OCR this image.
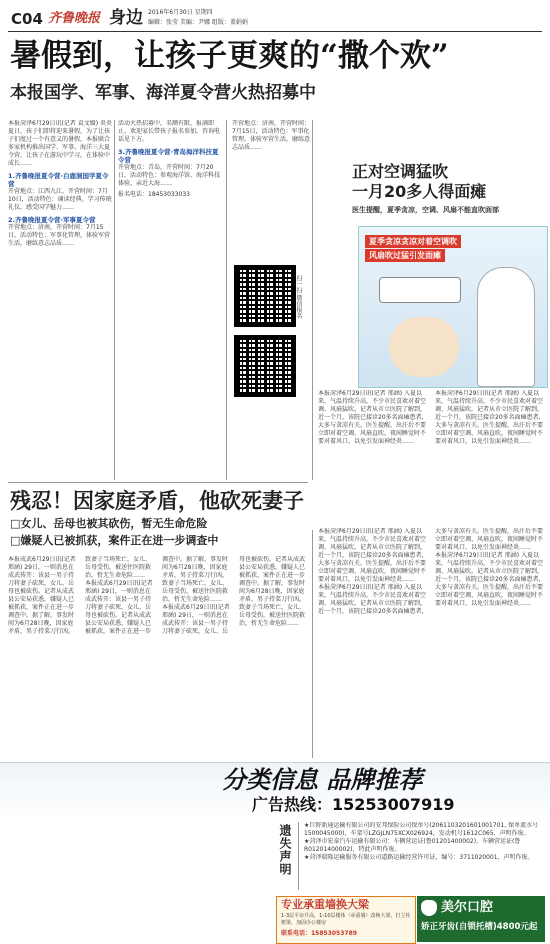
C04 齐鲁晚报 身边 2016年6月30日 星期四
编辑：张莹 美编：尹娜 组版：盖娟娟
暑假到，让孩子更爽的“撒个欢”
本报国学、军事、海洋夏令营火热招募中

本报菏泽6月29日讯(记者 袁文媛) 炎炎夏日，孩子们即将迎来暑假，为了让孩子们度过一个有意义的暑假，本报联合多家机构推出国学、军事、海洋三大夏令营，让孩子在游玩中学习，在体验中成长……

1.齐鲁晚报夏令营·白鹿洞国学夏令营

开营地点：江西九江，开营时间：7月10日，活动特色：诵读经典、学习传统礼仪，感受国学魅力……

2.齐鲁晚报夏令营·军事夏令营

开营地点：济南，开营时间：7月15日，活动特色：军事化管理，体验军营生活，磨练意志品质……

活动火热招募中，名额有限，报满即止。欢迎家长带孩子报名参加，咨询电话见下方。

3.齐鲁晚报夏令营·青岛海洋科技夏令营

开营地点：青岛，开营时间：7月20日，活动特色：参观海洋馆、海洋科技体验，亲近大海……

报名电话：18453033033

扫一扫 微信报名

开营地点：济南，开营时间：7月15日，活动特色：军事化管理，体验军营生活，磨练意志品质……

正对空调猛吹
一月20多人得面瘫
医生提醒，夏季贪凉，空调、风扇不能直吹面部
夏季贪凉贪凉对着空调吹
风扇吹过猛引发面瘫

本报菏泽6月29日讯(记者 邢涵) 入夏以来，气温持续升高，不少市民喜欢对着空调、风扇猛吹。记者从市立医院了解到，近一个月，该院已接诊20多名面瘫患者，大多与贪凉有关。医生提醒，出汗后不要立即对着空调、风扇直吹，夜间睡觉时不要对着风口，以免引发面神经炎……

本报菏泽6月29日讯(记者 邢涵) 入夏以来，气温持续升高，不少市民喜欢对着空调、风扇猛吹。记者从市立医院了解到，近一个月，该院已接诊20多名面瘫患者，大多与贪凉有关。医生提醒，出汗后不要立即对着空调、风扇直吹，夜间睡觉时不要对着风口，以免引发面神经炎……

残忍！因家庭矛盾，他砍死妻子
□女儿、岳母也被其砍伤，暂无生命危险
□嫌疑人已被抓获，案件正在进一步调查中

本报成武6月29日讯(记者 邢涵) 29日，一则消息在成武传开：该县一男子持刀将妻子砍死，女儿、岳母也被砍伤。记者从成武县公安局获悉，嫌疑人已被抓获，案件正在进一步调查中。据了解，事发时间为6月28日晚，因家庭矛盾，男子持菜刀行凶，致妻子当场死亡，女儿、岳母受伤，被送往医院救治，暂无生命危险……

本报成武6月29日讯(记者 邢涵) 29日，一则消息在成武传开：该县一男子持刀将妻子砍死，女儿、岳母也被砍伤。记者从成武县公安局获悉，嫌疑人已被抓获，案件正在进一步调查中。据了解，事发时间为6月28日晚，因家庭矛盾，男子持菜刀行凶，致妻子当场死亡，女儿、岳母受伤，被送往医院救治，暂无生命危险……

本报成武6月29日讯(记者 邢涵) 29日，一则消息在成武传开：该县一男子持刀将妻子砍死，女儿、岳母也被砍伤。记者从成武县公安局获悉，嫌疑人已被抓获，案件正在进一步调查中。据了解，事发时间为6月28日晚，因家庭矛盾，男子持菜刀行凶，致妻子当场死亡，女儿、岳母受伤，被送往医院救治，暂无生命危险……

本报菏泽6月29日讯(记者 邢涵) 入夏以来，气温持续升高，不少市民喜欢对着空调、风扇猛吹。记者从市立医院了解到，近一个月，该院已接诊20多名面瘫患者，大多与贪凉有关。医生提醒，出汗后不要立即对着空调、风扇直吹，夜间睡觉时不要对着风口，以免引发面神经炎……

本报菏泽6月29日讯(记者 邢涵) 入夏以来，气温持续升高，不少市民喜欢对着空调、风扇猛吹。记者从市立医院了解到，近一个月，该院已接诊20多名面瘫患者，大多与贪凉有关。医生提醒，出汗后不要立即对着空调、风扇直吹，夜间睡觉时不要对着风口，以免引发面神经炎……

本报菏泽6月29日讯(记者 邢涵) 入夏以来，气温持续升高，不少市民喜欢对着空调、风扇猛吹。记者从市立医院了解到，近一个月，该院已接诊20多名面瘫患者，大多与贪凉有关。医生提醒，出汗后不要立即对着空调、风扇直吹，夜间睡觉时不要对着风口，以免引发面神经炎……

分类信息 品牌推荐
广告热线：15253007919
遗失声明	★巨野新通运输有限公司的安邦保险公司保单号(2061103201601001701, 保单流水号1500045000)，车架号LZGJLN75XCX026924，发动机号1612C065，声明作废。

★菏泽市宏泰汽车运输有限公司：车辆营运证(鲁01201400002)、车辆营运证(鲁R01201400002)，特此声明作废。

★菏泽瑞隆运输服务有限公司道路运输经营许可证，编号：3711020001，声明作废。

专业承重墙换大梁
1-3层平房升高，1-10层楼体（承重墙）改换大梁，打立柱框梁，加固办公楼房
联系电话：15853053789
美尔口腔
娇正牙齿(自锁托槽)4800元起
